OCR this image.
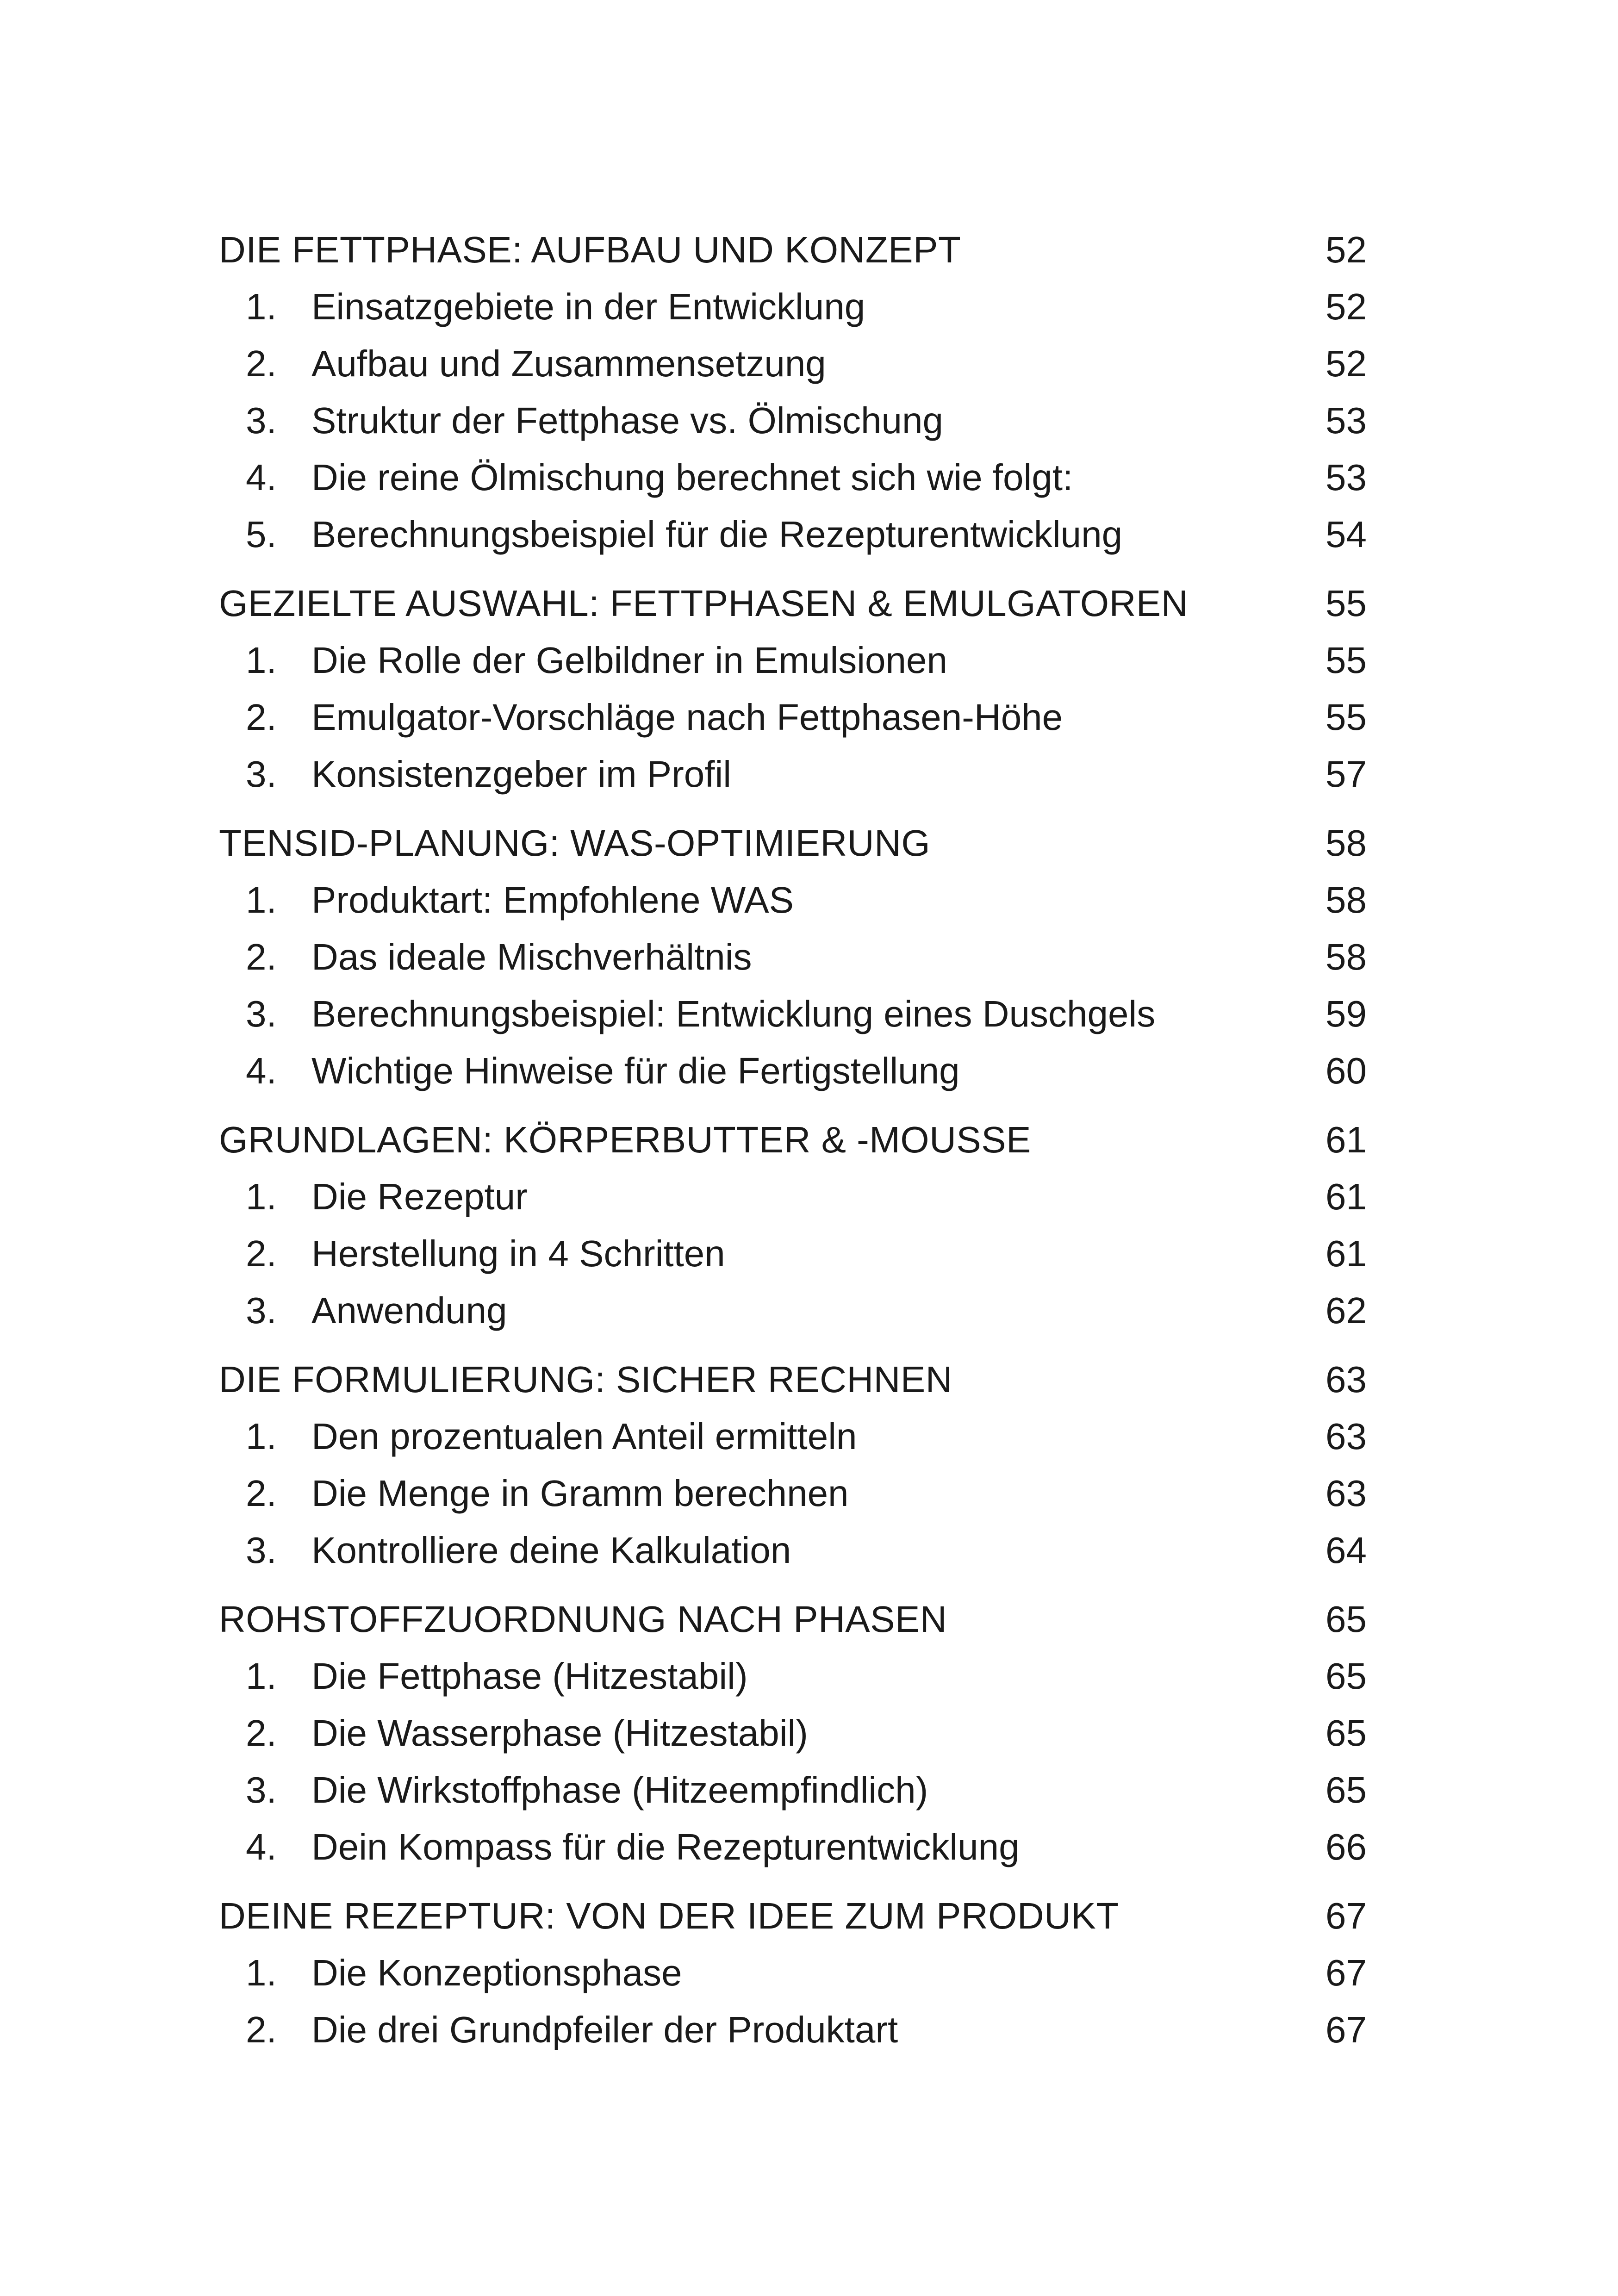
DIE FETTPHASE: AUFBAU UND KONZEPT	52
1. Einsatzgebiete in der Entwicklung	52
2. Aufbau und Zusammensetzung	52
3. Struktur der Fettphase vs. Ölmischung	53
4. Die reine Ölmischung berechnet sich wie folgt:	53
5. Berechnungsbeispiel für die Rezepturentwicklung	54
GEZIELTE AUSWAHL: FETTPHASEN & EMULGATOREN	55
1. Die Rolle der Gelbildner in Emulsionen	55
2. Emulgator-Vorschläge nach Fettphasen-Höhe	55
3. Konsistenzgeber im Profil	57
TENSID-PLANUNG: WAS-OPTIMIERUNG	58
1. Produktart: Empfohlene WAS	58
2. Das ideale Mischverhältnis	58
3. Berechnungsbeispiel: Entwicklung eines Duschgels	59
4. Wichtige Hinweise für die Fertigstellung	60
GRUNDLAGEN: KÖRPERBUTTER & -MOUSSE	61
1. Die Rezeptur	61
2. Herstellung in 4 Schritten	61
3. Anwendung	62
DIE FORMULIERUNG: SICHER RECHNEN	63
1. Den prozentualen Anteil ermitteln	63
2. Die Menge in Gramm berechnen	63
3. Kontrolliere deine Kalkulation	64
ROHSTOFFZUORDNUNG NACH PHASEN	65
1. Die Fettphase (Hitzestabil)	65
2. Die Wasserphase (Hitzestabil)	65
3. Die Wirkstoffphase (Hitzeempfindlich)	65
4. Dein Kompass für die Rezepturentwicklung	66
DEINE REZEPTUR: VON DER IDEE ZUM PRODUKT	67
1. Die Konzeptionsphase	67
2. Die drei Grundpfeiler der Produktart	67
